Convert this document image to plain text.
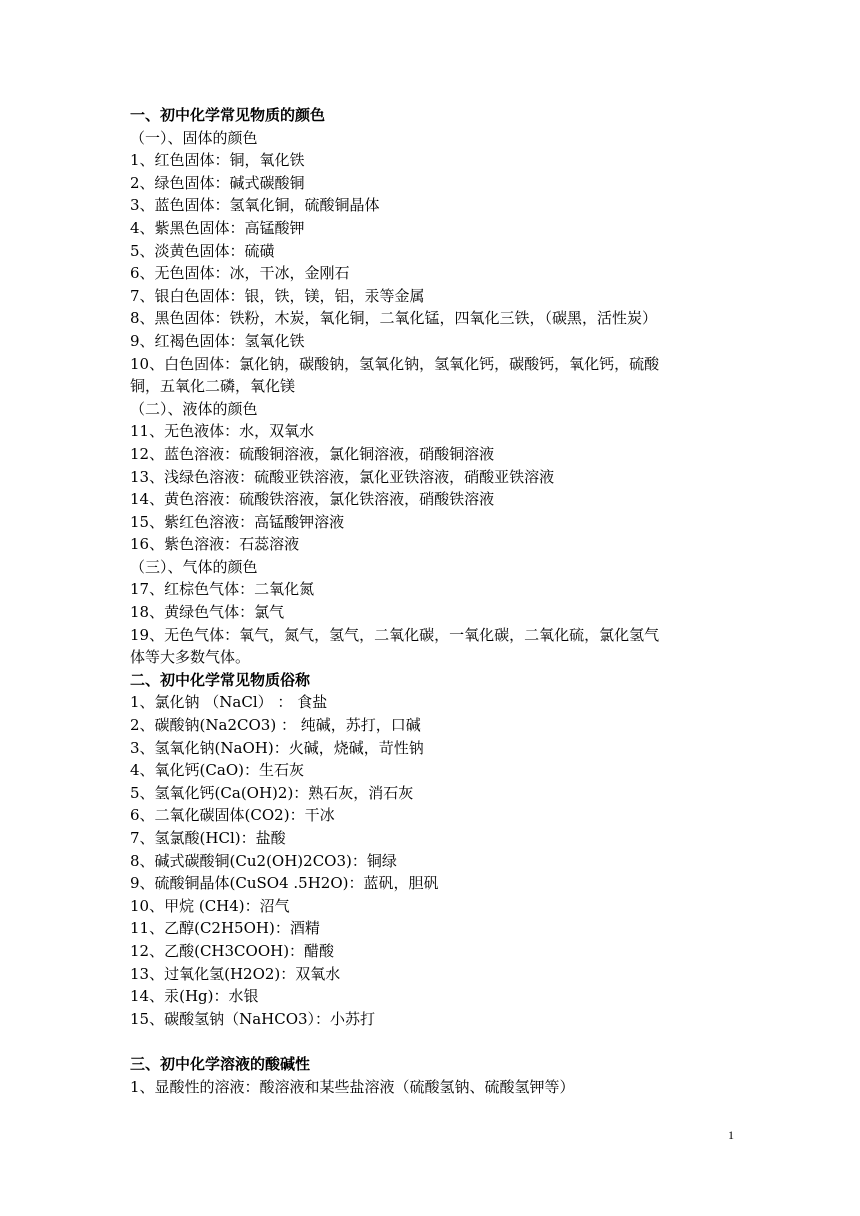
一、初中化学常见物质的颜色
（一）、固体的颜色
1、红色固体：铜，氧化铁
2、绿色固体：碱式碳酸铜
3、蓝色固体：氢氧化铜，硫酸铜晶体
4、紫黑色固体：高锰酸钾
5、淡黄色固体：硫磺
6、无色固体：冰，干冰，金刚石
7、银白色固体：银，铁，镁，铝，汞等金属
8、黑色固体：铁粉，木炭，氧化铜，二氧化锰，四氧化三铁，（碳黑，活性炭）
9、红褐色固体：氢氧化铁
10、白色固体：氯化钠，碳酸钠，氢氧化钠，氢氧化钙，碳酸钙，氧化钙，硫酸
铜，五氧化二磷，氧化镁
（二）、液体的颜色
11、无色液体：水，双氧水
12、蓝色溶液：硫酸铜溶液，氯化铜溶液，硝酸铜溶液
13、浅绿色溶液：硫酸亚铁溶液，氯化亚铁溶液，硝酸亚铁溶液
14、黄色溶液：硫酸铁溶液，氯化铁溶液，硝酸铁溶液
15、紫红色溶液：高锰酸钾溶液
16、紫色溶液：石蕊溶液
（三）、气体的颜色
17、红棕色气体：二氧化氮
18、黄绿色气体：氯气
19、无色气体：氧气，氮气，氢气，二氧化碳，一氧化碳，二氧化硫，氯化氢气
体等大多数气体。
二、初中化学常见物质俗称
1、氯化钠 （NaCl） ： 食盐
2、碳酸钠(Na2CO3) ： 纯碱，苏打，口碱
3、氢氧化钠(NaOH)：火碱，烧碱，苛性钠
4、氧化钙(CaO)：生石灰
5、氢氧化钙(Ca(OH)2)：熟石灰，消石灰
6、二氧化碳固体(CO2)：干冰
7、氢氯酸(HCl)：盐酸
8、碱式碳酸铜(Cu2(OH)2CO3)：铜绿
9、硫酸铜晶体(CuSO4 .5H2O)：蓝矾，胆矾
10、甲烷 (CH4)：沼气
11、乙醇(C2H5OH)：酒精
12、乙酸(CH3COOH)：醋酸
13、过氧化氢(H2O2)：双氧水
14、汞(Hg)：水银
15、碳酸氢钠（NaHCO3）：小苏打
三、初中化学溶液的酸碱性
1、显酸性的溶液：酸溶液和某些盐溶液（硫酸氢钠、硫酸氢钾等）
1
